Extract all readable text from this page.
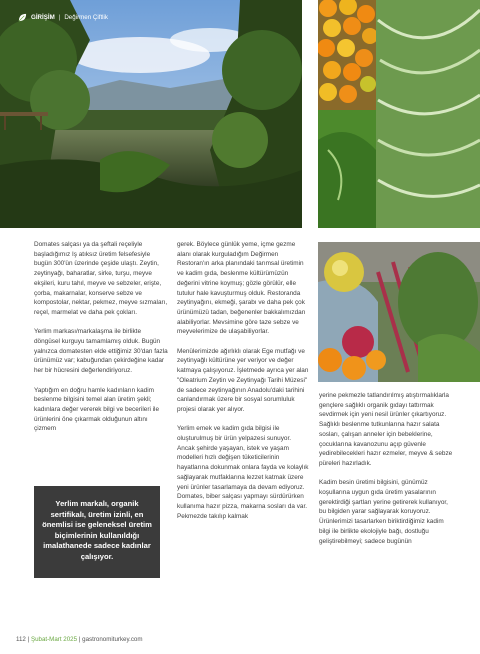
GİRİŞİM | Değirmen Çiftlik

Domates salçası ya da şeftali reçeliyle başladığımız Iş atıksız üretim felsefesiyle bugün 300'ün üzerinde çeşide ulaştı. Zeytin, zeytinyağı, baharatlar, sirke, turşu, meyve ekşileri, kuru tahıl, meyve ve sebzeler, erişte, çorba, makarnalar, konserve sebze ve kompostolar, nektar, pekmez, meyve sızmaları, reçel, marmelat ve daha pek çokları.

Yerlim markası/markalaşma ile birlikte döngüsel kurguyu tamamlamış olduk. Bugün yalnızca domatesten elde ettiğimiz 30'dan fazla ürünümüz var; kabuğundan çekirdeğine kadar her bir hücresini değerlendiriyoruz.

Yaptığım en doğru hamle kadınların kadim beslenme bilgisini temel alan üretim şekli; kadınlara değer vererek bilgi ve becerileri ile ürünlerini öne çıkarmak olduğunun altını çizmem

Yerlim markalı, organik sertifikalı, üretim izinli, en önemlisi ise geleneksel üretim biçimlerinin kullanıldığı imalathanede sadece kadınlar çalışıyor.

gerek. Böylece günlük yeme, içme gezme alanı olarak kurguladığım Değirmen Restoran'ın arka planındaki tarımsal üretimin ve kadim gıda, beslenme kültürümüzün değerini vitrine koymuş; gözle görülür, elle tutulur hale kavuşturmuş olduk. Restoranda zeytinyağını, ekmeği, şarabı ve daha pek çok ürünümüzü tadan, beğenenler bakkalımızdan alabiliyorlar. Mevsimine göre taze sebze ve meyvelerimize de ulaşabiliyorlar.

Menülerimizde ağırlıklı olarak Ege mutfağı ve zeytinyağlı kültürüne yer veriyor ve değer katmaya çalışıyoruz. İşletmede ayrıca yer alan "Oleatrium Zeytin ve Zeytinyağı Tarihi Müzesi" de sadece zeytinyağının Anadolu'daki tarihini canlandırmak üzere bir sosyal sorumluluk projesi olarak yer alıyor.

Yerlim emek ve kadim gıda bilgisi ile oluşturulmuş bir ürün yelpazesi sunuyor. Ancak şehirde yaşayan, istek ve yaşam modelleri hızlı değişen tüketicilerinin hayatlarına dokunmak onlara fayda ve kolaylık sağlayarak mutfaklarına lezzet katmak üzere yeni ürünler tasarlamaya da devam ediyoruz. Domates, biber salçası yapmayı sürdürürken kullanıma hazır pizza, makarna sosları da var. Pekmezde takılıp kalmak

yerine pekmezle tatlandırılmış atıştırmalıklarla gençlere sağlıklı organik gıdayı tattırmak sevdirmek için yeni nesil ürünler çıkartıyoruz. Sağlıklı beslenme tutkunlarına hazır salata sosları, çalışan anneler için bebeklerine, çocuklarına kavanozunu açıp güvenle yedirebilecekleri hazır ezmeler, meyve & sebze püreleri hazırladık.

Kadim besin üretimi bilgisini, günümüz koşullarına uygun gıda üretim yasalarının gerektirdiği şartları yerine getirerek kullanıyor, bu bilgiden yarar sağlayarak koruyoruz. Ürünlerimizi tasarlarken biriktirdiğimiz kadim bilgi ile birlikte ekolojiyle bağı, dostluğu geliştirebilmeyi; sadece bugünün

112 | Şubat-Mart 2025 | gastronomiturkey.com
